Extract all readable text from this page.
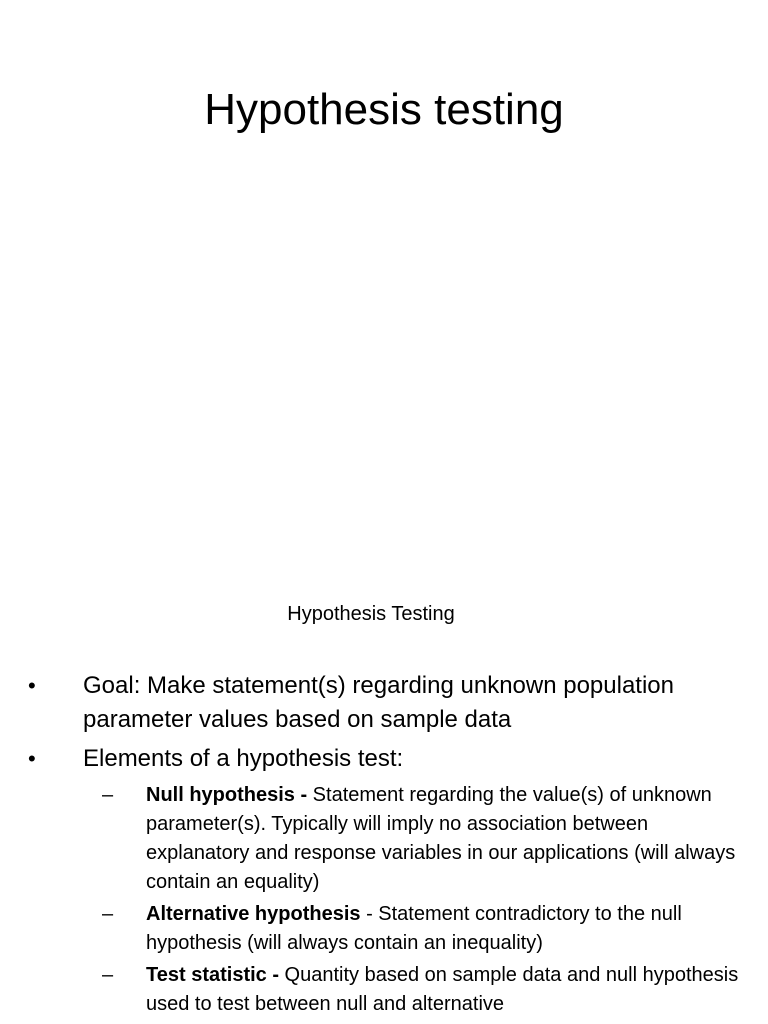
Hypothesis testing
Hypothesis Testing
• Goal: Make statement(s) regarding unknown population parameter values based on sample data
• Elements of a hypothesis test:
– Null hypothesis - Statement regarding the value(s) of unknown parameter(s). Typically will imply no association between explanatory and response variables in our applications (will always contain an equality)
– Alternative hypothesis - Statement contradictory to the null hypothesis (will always contain an inequality)
– Test statistic - Quantity based on sample data and null hypothesis used to test between null and alternative
